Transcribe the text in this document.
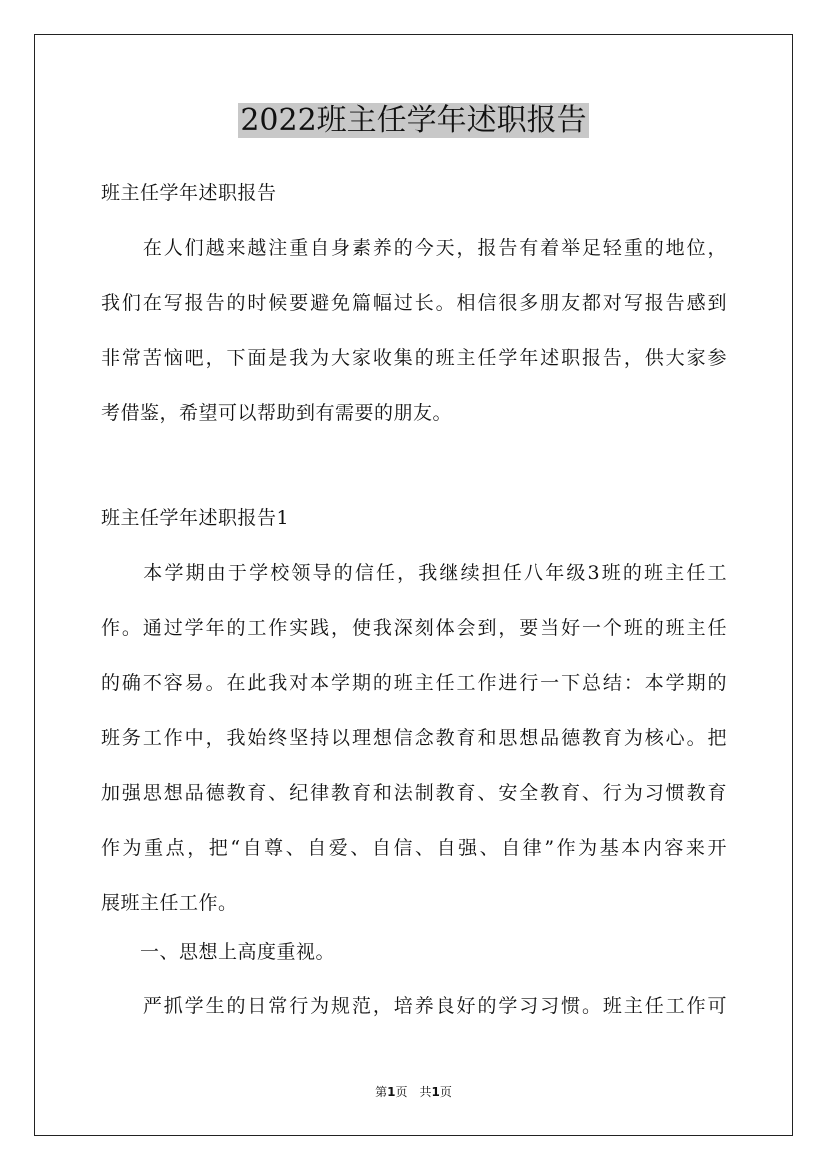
2022班主任学年述职报告

班主任学年述职报告

　　在人们越来越注重自身素养的今天，报告有着举足轻重的地位，
我们在写报告的时候要避免篇幅过长。相信很多朋友都对写报告感到
非常苦恼吧，下面是我为大家收集的班主任学年述职报告，供大家参
考借鉴，希望可以帮助到有需要的朋友。

班主任学年述职报告1

　　本学期由于学校领导的信任，我继续担任八年级3班的班主任工
作。通过学年的工作实践，使我深刻体会到，要当好一个班的班主任
的确不容易。在此我对本学期的班主任工作进行一下总结：本学期的
班务工作中，我始终坚持以理想信念教育和思想品德教育为核心。把
加强思想品德教育、纪律教育和法制教育、安全教育、行为习惯教育
作为重点，把“自尊、自爱、自信、自强、自律”作为基本内容来开
展班主任工作。

　　一、思想上高度重视。

　　严抓学生的日常行为规范，培养良好的学习习惯。班主任工作可

第1页　共1页
